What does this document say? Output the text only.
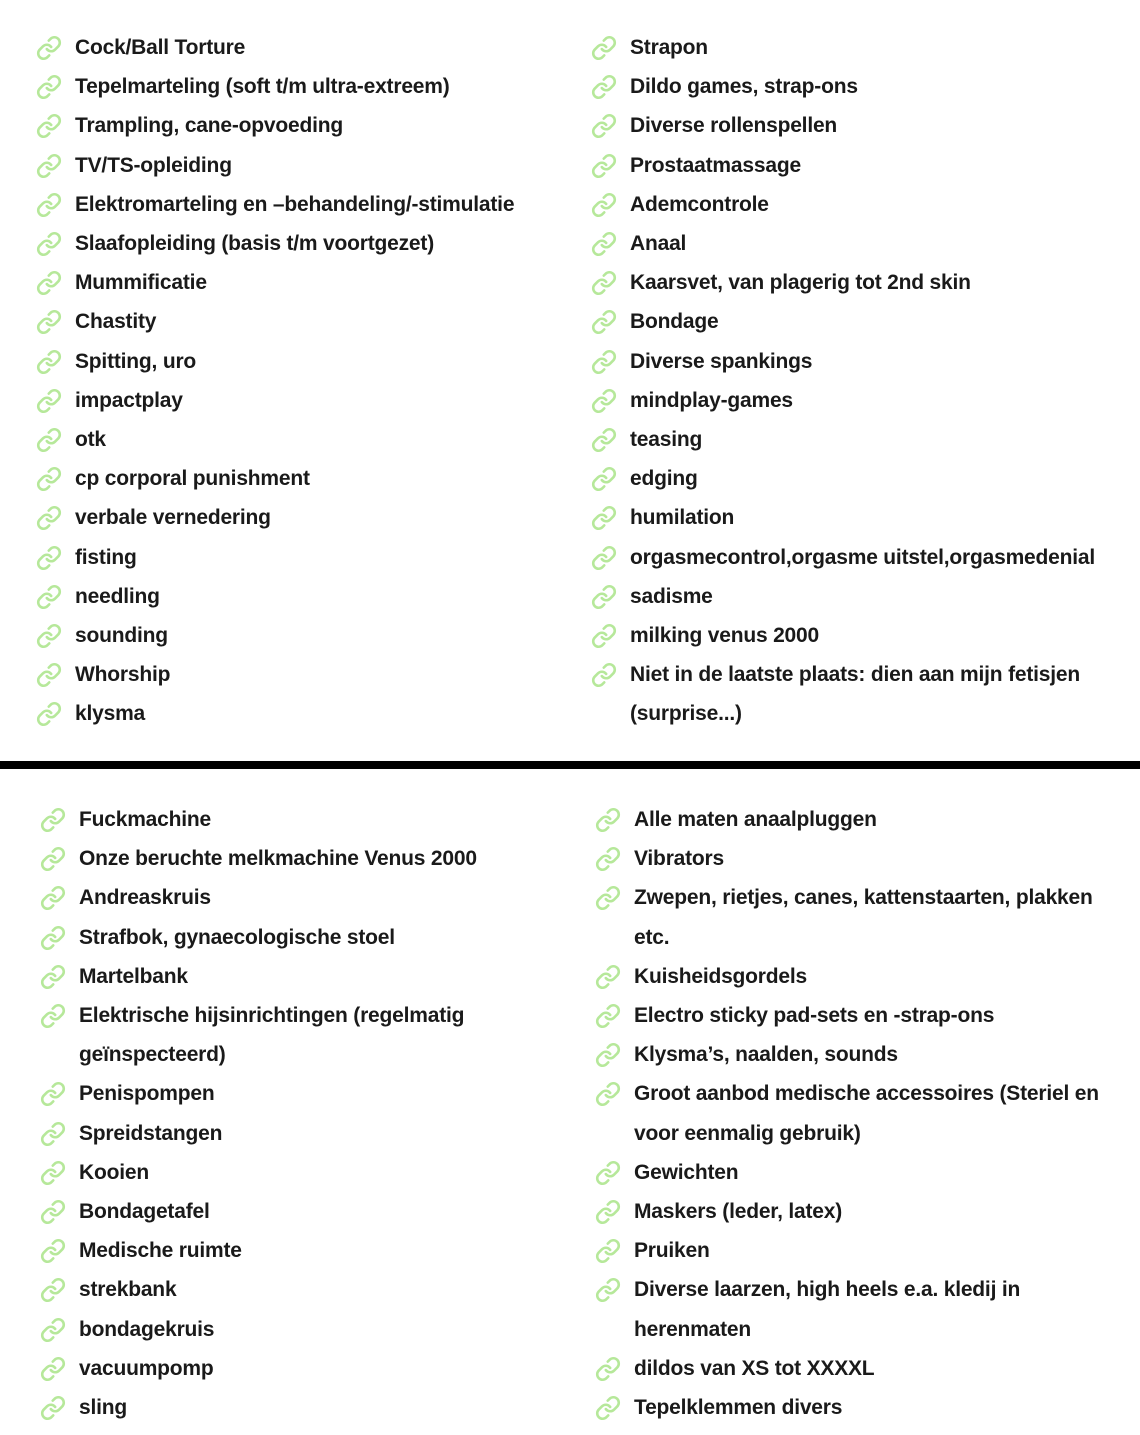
Cock/Ball Torture
Tepelmarteling (soft t/m ultra-extreem)
Trampling, cane-opvoeding
TV/TS-opleiding
Elektromarteling en –behandeling/-stimulatie
Slaafopleiding (basis t/m voortgezet)
Mummificatie
Chastity
Spitting, uro
impactplay
otk
cp corporal punishment
verbale vernedering
fisting
needling
sounding
Whorship
klysma
Strapon
Dildo games, strap-ons
Diverse rollenspellen
Prostaatmassage
Ademcontrole
Anaal
Kaarsvet, van plagerig tot 2nd skin
Bondage
Diverse spankings
mindplay-games
teasing
edging
humilation
orgasmecontrol,orgasme uitstel,orgasmedenial
sadisme
milking venus 2000
Niet in de laatste plaats: dien aan mijn fetisjen (surprise...)
Fuckmachine
Onze beruchte melkmachine Venus 2000
Andreaskruis
Strafbok, gynaecologische stoel
Martelbank
Elektrische hijsinrichtingen (regelmatig geïnspecteerd)
Penispompen
Spreidstangen
Kooien
Bondagetafel
Medische ruimte
strekbank
bondagekruis
vacuumpomp
sling
Alle maten anaalpluggen
Vibrators
Zwepen, rietjes, canes, kattenstaarten, plakken etc.
Kuisheidsgordels
Electro sticky pad-sets en -strap-ons
Klysma’s, naalden, sounds
Groot aanbod medische accessoires (Steriel en voor eenmalig gebruik)
Gewichten
Maskers (leder, latex)
Pruiken
Diverse laarzen, high heels e.a. kledij in herenmaten
dildos van XS tot XXXXL
Tepelklemmen divers
